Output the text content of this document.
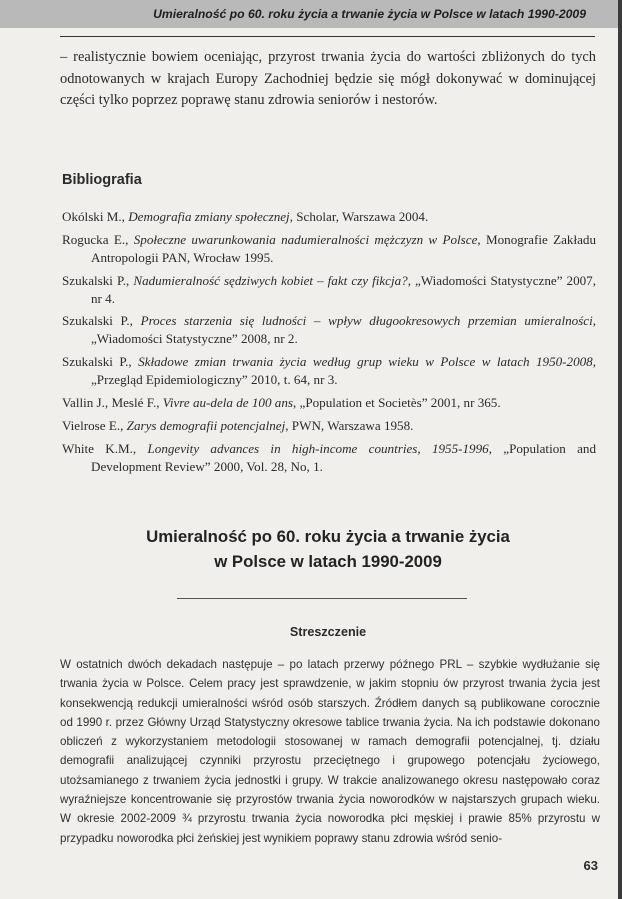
Umieralność po 60. roku życia a trwanie życia w Polsce w latach 1990-2009

– realistycznie bowiem oceniając, przyrost trwania życia do wartości zbliżonych do tych odnotowanych w krajach Europy Zachodniej będzie się mógł dokonywać w dominującej części tylko poprzez poprawę stanu zdrowia seniorów i nestorów.

Bibliografia
Okólski M., Demografia zmiany społecznej, Scholar, Warszawa 2004.
Rogucka E., Społeczne uwarunkowania nadumieralności mężczyzn w Polsce, Monografie Zakładu Antropologii PAN, Wrocław 1995.
Szukalski P., Nadumieralność sędziwych kobiet – fakt czy fikcja?, „Wiadomości Statystyczne” 2007, nr 4.
Szukalski P., Proces starzenia się ludności – wpływ długookresowych przemian umieralności, „Wiadomości Statystyczne” 2008, nr 2.
Szukalski P., Składowe zmian trwania życia według grup wieku w Polsce w latach 1950-2008, „Przegląd Epidemiologiczny” 2010, t. 64, nr 3.
Vallin J., Meslé F., Vivre au-dela de 100 ans, „Population et Societès” 2001, nr 365.
Vielrose E., Zarys demografii potencjalnej, PWN, Warszawa 1958.
White K.M., Longevity advances in high-income countries, 1955-1996, „Population and Development Review” 2000, Vol. 28, No, 1.
Umieralność po 60. roku życia a trwanie życia
w Polsce w latach 1990-2009
Streszczenie

W ostatnich dwóch dekadach następuje – po latach przerwy późnego PRL – szybkie wydłużanie się trwania życia w Polsce. Celem pracy jest sprawdzenie, w jakim stopniu ów przyrost trwania życia jest konsekwencją redukcji umieralności wśród osób starszych. Źródłem danych są publikowane corocznie od 1990 r. przez Główny Urząd Statystyczny okresowe tablice trwania życia. Na ich podstawie dokonano obliczeń z wykorzystaniem metodologii stosowanej w ramach demografii potencjalnej, tj. działu demografii analizującej czynniki przyrostu przeciętnego i grupowego potencjału życiowego, utożsamianego z trwaniem życia jednostki i grupy. W trakcie analizowanego okresu następowało coraz wyraźniejsze koncentrowanie się przyrostów trwania życia noworodków w najstarszych grupach wieku. W okresie 2002-2009 ¾ przyrostu trwania życia noworodka płci męskiej i prawie 85% przyrostu w przypadku noworodka płci żeńskiej jest wynikiem poprawy stanu zdrowia wśród senio-

63
